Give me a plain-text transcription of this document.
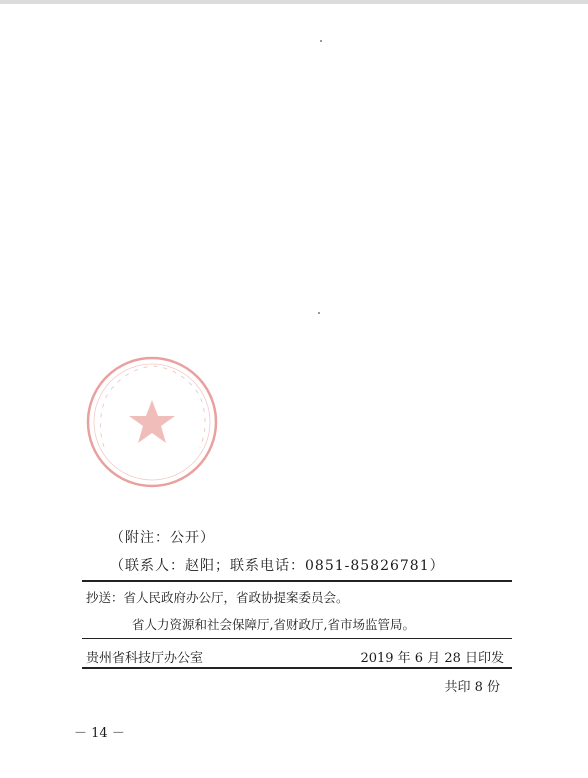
（附注：公开）
（联系人：赵阳；联系电话：0851-85826781）
抄送：省人民政府办公厅，省政协提案委员会。
省人力资源和社会保障厅,省财政厅,省市场监管局。
贵州省科技厅办公室	2019 年 6 月 28 日印发
共印 8 份
－ 14 －
